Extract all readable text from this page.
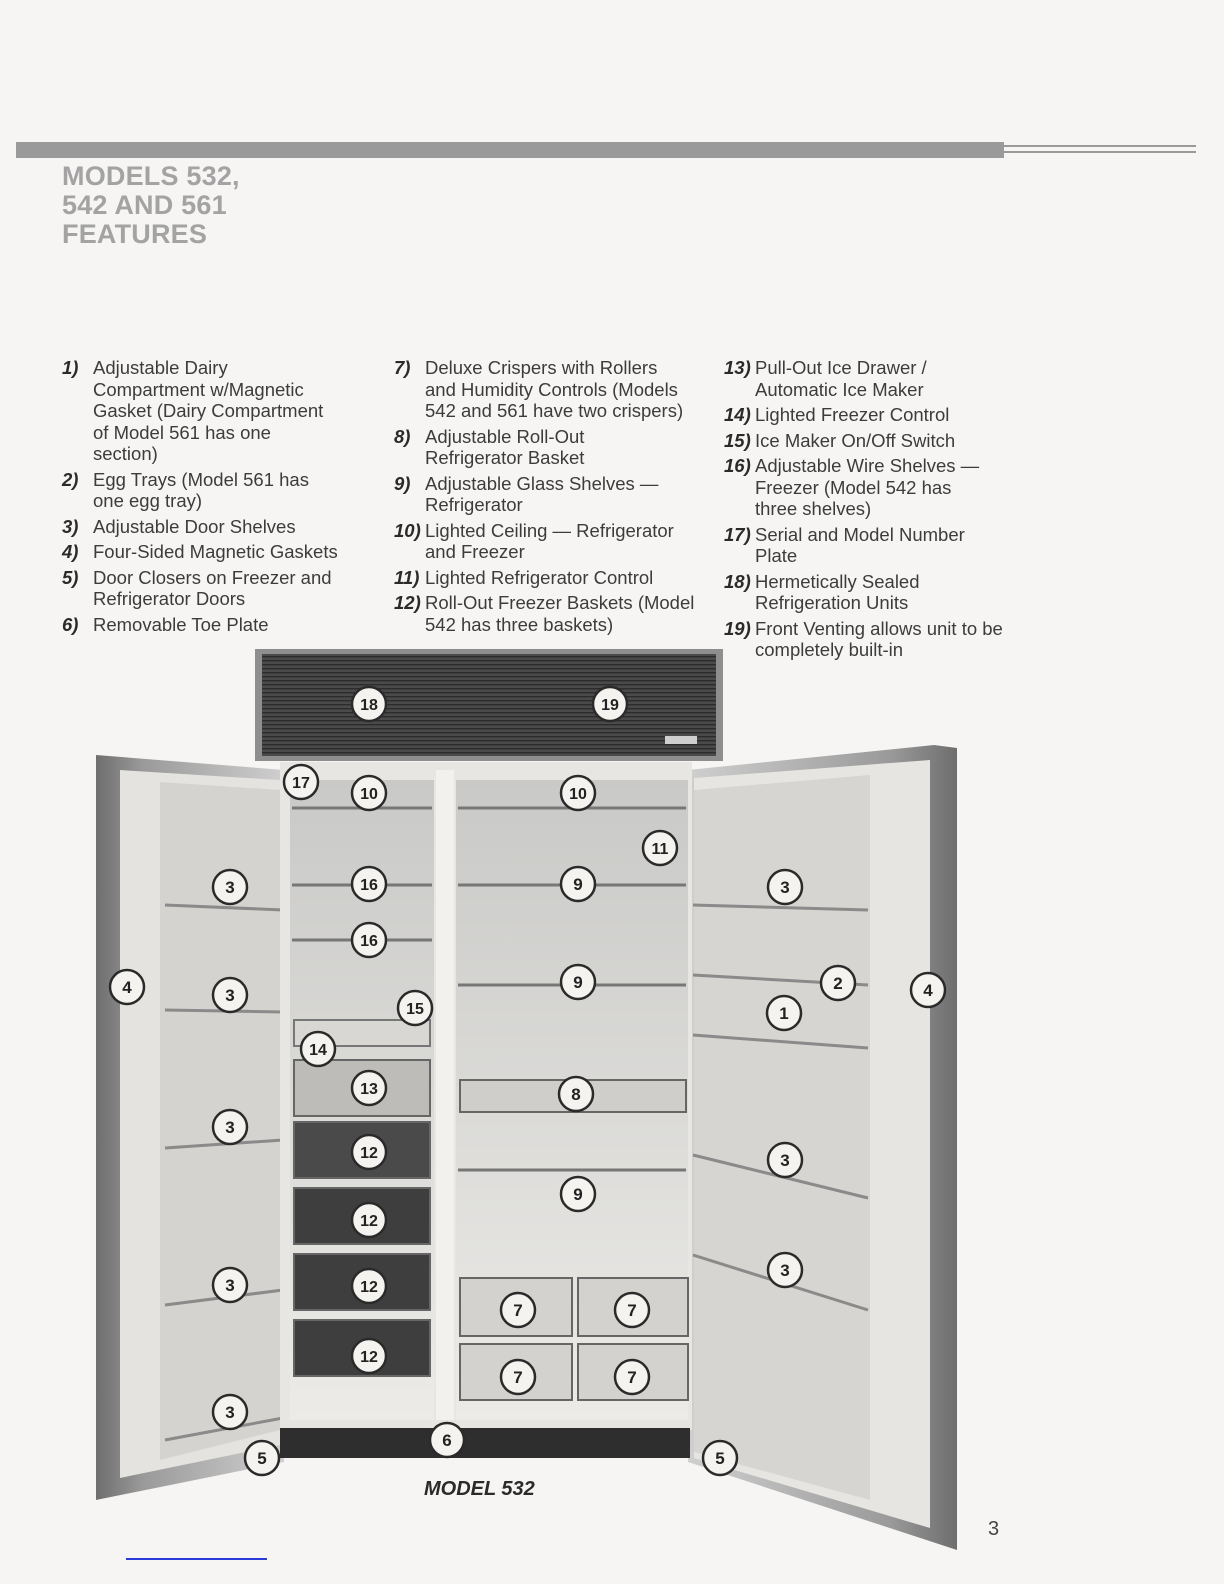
MODELS 532,
542 AND 561
FEATURES
1) Adjustable Dairy Compartment w/Magnetic Gasket (Dairy Compartment of Model 561 has one section)
2) Egg Trays (Model 561 has one egg tray)
3) Adjustable Door Shelves
4) Four-Sided Magnetic Gaskets
5) Door Closers on Freezer and Refrigerator Doors
6) Removable Toe Plate
7) Deluxe Crispers with Rollers and Humidity Controls (Models 542 and 561 have two crispers)
8) Adjustable Roll-Out Refrigerator Basket
9) Adjustable Glass Shelves — Refrigerator
10) Lighted Ceiling — Refrigerator and Freezer
11) Lighted Refrigerator Control
12) Roll-Out Freezer Baskets (Model 542 has three baskets)
13) Pull-Out Ice Drawer / Automatic Ice Maker
14) Lighted Freezer Control
15) Ice Maker On/Off Switch
16) Adjustable Wire Shelves — Freezer (Model 542 has three shelves)
17) Serial and Model Number Plate
18) Hermetically Sealed Refrigeration Units
19) Front Venting allows unit to be completely built-in
18	19
17
10	10
11
16	9
16
15
9
14
13	8
12
12
9
12
12
7	7
7	7
6
5	5
3
3
3
3
3
3
3
3
4	4
2
1
MODEL 532
3
